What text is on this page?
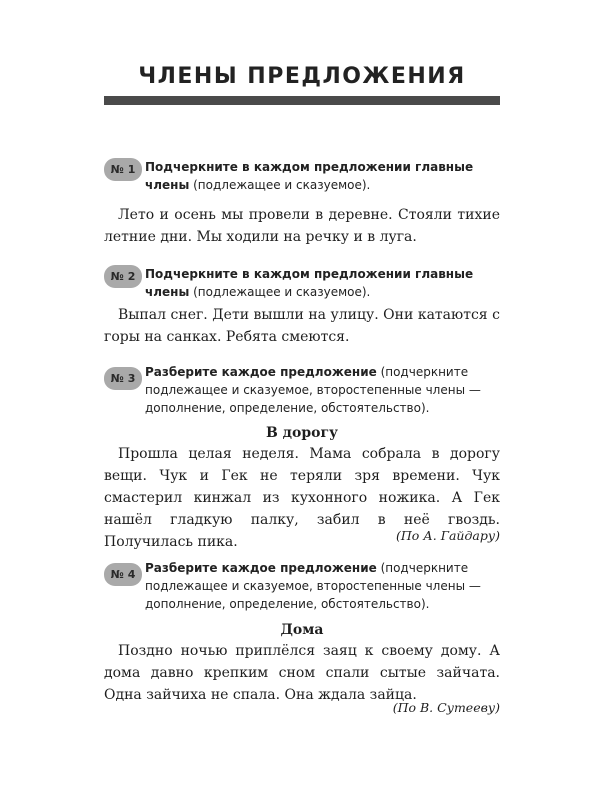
ЧЛЕНЫ ПРЕДЛОЖЕНИЯ
№ 1 Подчеркните в каждом предложении главные члены (подлежащее и сказуемое).

Лето и осень мы провели в деревне. Стояли тихие летние дни. Мы ходили на речку и в луга.

№ 2 Подчеркните в каждом предложении главные члены (подлежащее и сказуемое).

Выпал снег. Дети вышли на улицу. Они катаются с горы на санках. Ребята смеются.

№ 3 Разберите каждое предложение (подчеркните подлежащее и сказуемое, второстепенные члены — дополнение, определение, обстоятельство).
В дорогу

Прошла целая неделя. Мама собрала в дорогу вещи. Чук и Гек не теряли зря времени. Чук смастерил кинжал из кухонного ножика. А Гек нашёл гладкую палку, забил в неё гвоздь. Получилась пика.	(По А. Гайдару)
№ 4 Разберите каждое предложение (подчеркните подлежащее и сказуемое, второстепенные члены — дополнение, определение, обстоятельство).
Дома

Поздно ночью приплёлся заяц к своему дому. А дома давно крепким сном спали сытые зайчата. Одна зайчиха не спала. Она ждала зайца.

(По В. Сутееву)
